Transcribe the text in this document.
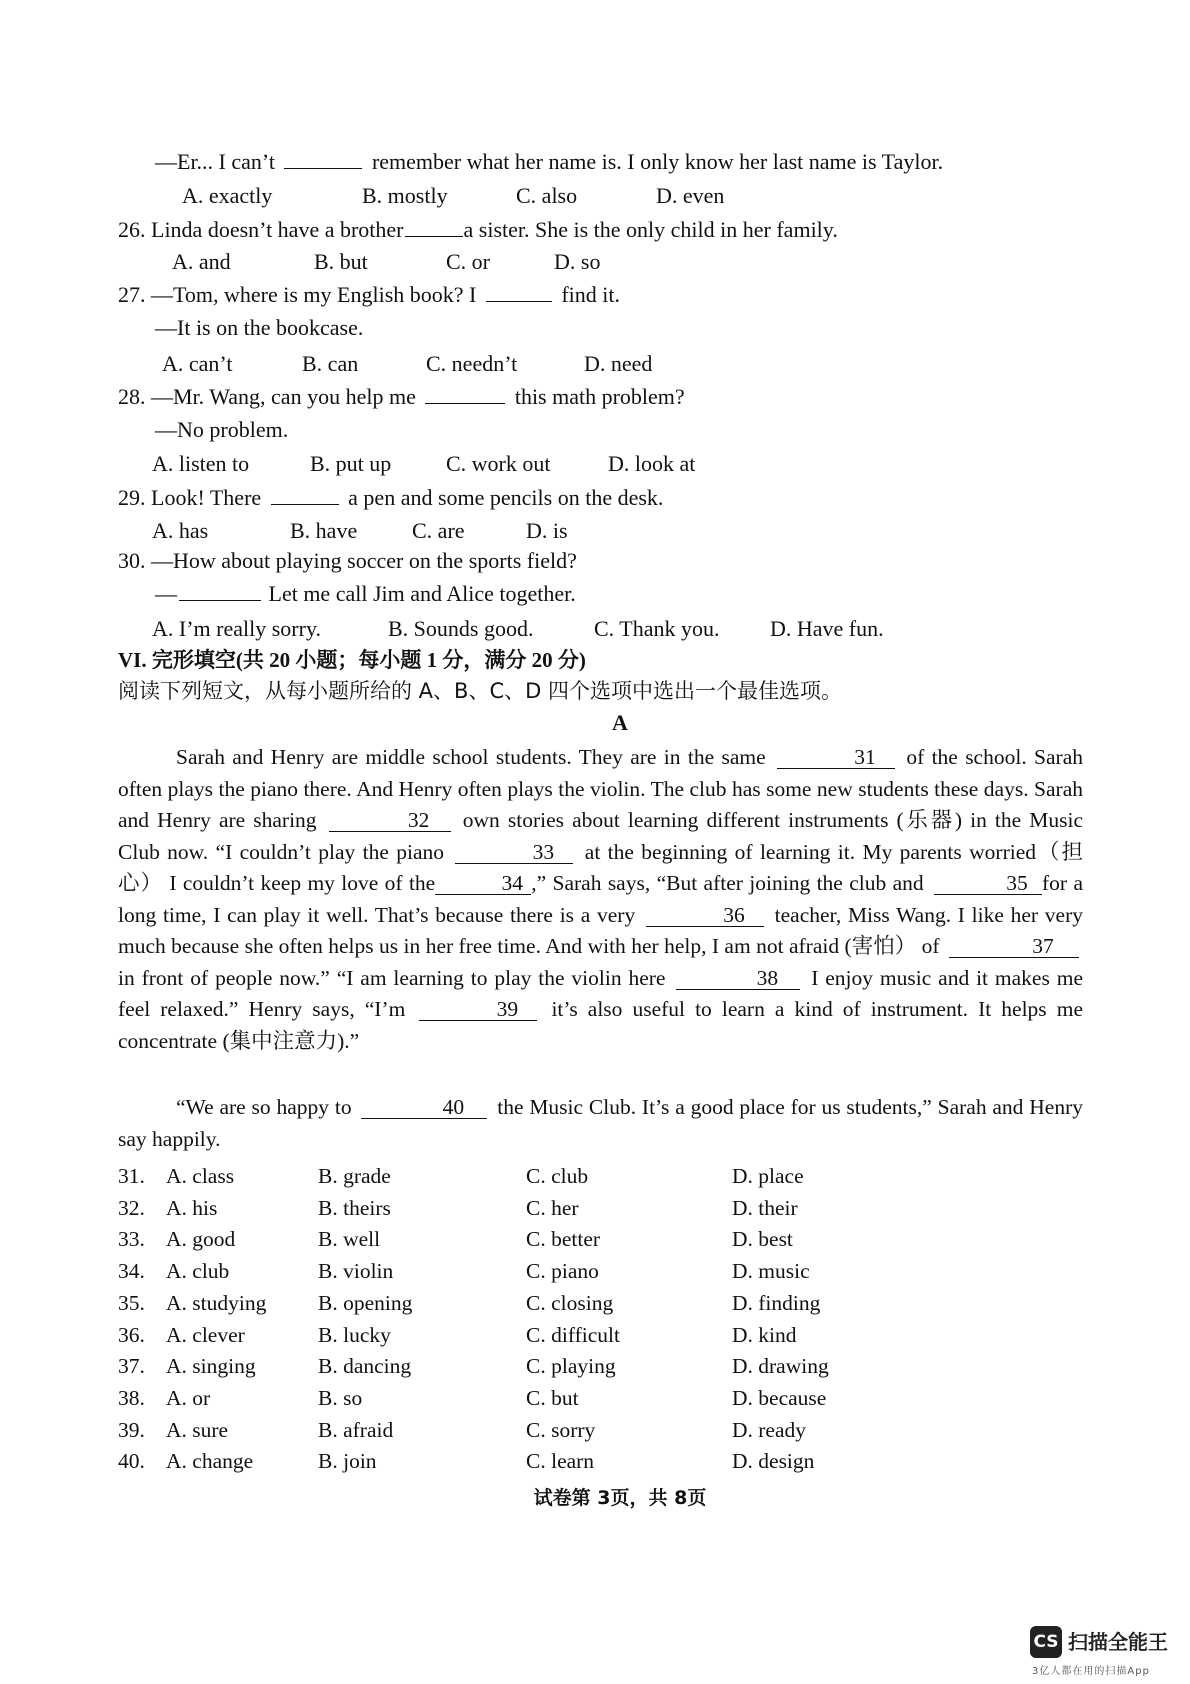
—Er... I can’t	remember what her name is. I only know her last name is Taylor.
A. exactly	B. mostly	C. also	D. even
26. Linda doesn’t have a brother	a sister. She is the only child in her family.
A. and	B. but	C. or	D. so
27. —Tom, where is my English book? I	find it.
—It is on the bookcase.
A. can’t	B. can	C. needn’t	D. need
28. —Mr. Wang, can you help me	this math problem?
—No problem.
A. listen to	B. put up C. work out	D. look at
29. Look! There	a pen and some pencils on the desk.
A. has	B. have C. are	D. is
30. —How about playing soccer on the sports field?
—	Let me call Jim and Alice together.
A. I’m really sorry.	B. Sounds good.	C. Thank you. D. Have fun.
VI. 完形填空(共 20 小题；每小题 1 分，满分 20 分)
阅读下列短文，从每小题所给的 A、B、C、D 四个选项中选出一个最佳选项。
A
Sarah and Henry are middle school students. They are in the same	31 of the school. Sarah often plays the piano there. And Henry often plays the violin. The club has some new students these days. Sarah and Henry are sharing	32 own stories about learning different instruments (乐器) in the Music Club now. “I couldn’t play the piano	33 at the beginning of learning it. My parents worried（担心） I couldn’t keep my love of the	34 ,” Sarah says, “But after joining the club and	35 for a long time, I can play it well. That’s because there is a very	36 teacher, Miss Wang. I like her very much because she often helps us in her free time. And with her help, I am not afraid (害怕） of	37 in front of people now.” “I am learning to play the violin here	38 I enjoy music and it makes me feel relaxed.” Henry says, “I’m	39 it’s also useful to learn a kind of instrument. It helps me concentrate (集中注意力).”
“We are so happy to	40 the Music Club. It’s a good place for us students,” Sarah and Henry say happily.
31. A. class	B. grade	C. club	D. place
32. A. his	B. theirs	C. her	D. their
33. A. good	B. well	C. better	D. best
34. A. club	B. violin	C. piano	D. music
35. A. studying B. opening	C. closing	D. finding
36. A. clever	B. lucky	C. difficult	D. kind
37. A. singing	B. dancing	C. playing	D. drawing
38. A. or	B. so	C. but	D. because
39. A. sure	B. afraid	C. sorry	D. ready
40. A. change	B. join	C. learn	D. design
试卷第 3页，共 8页
CS 扫描全能王
3亿人都在用的扫描App
